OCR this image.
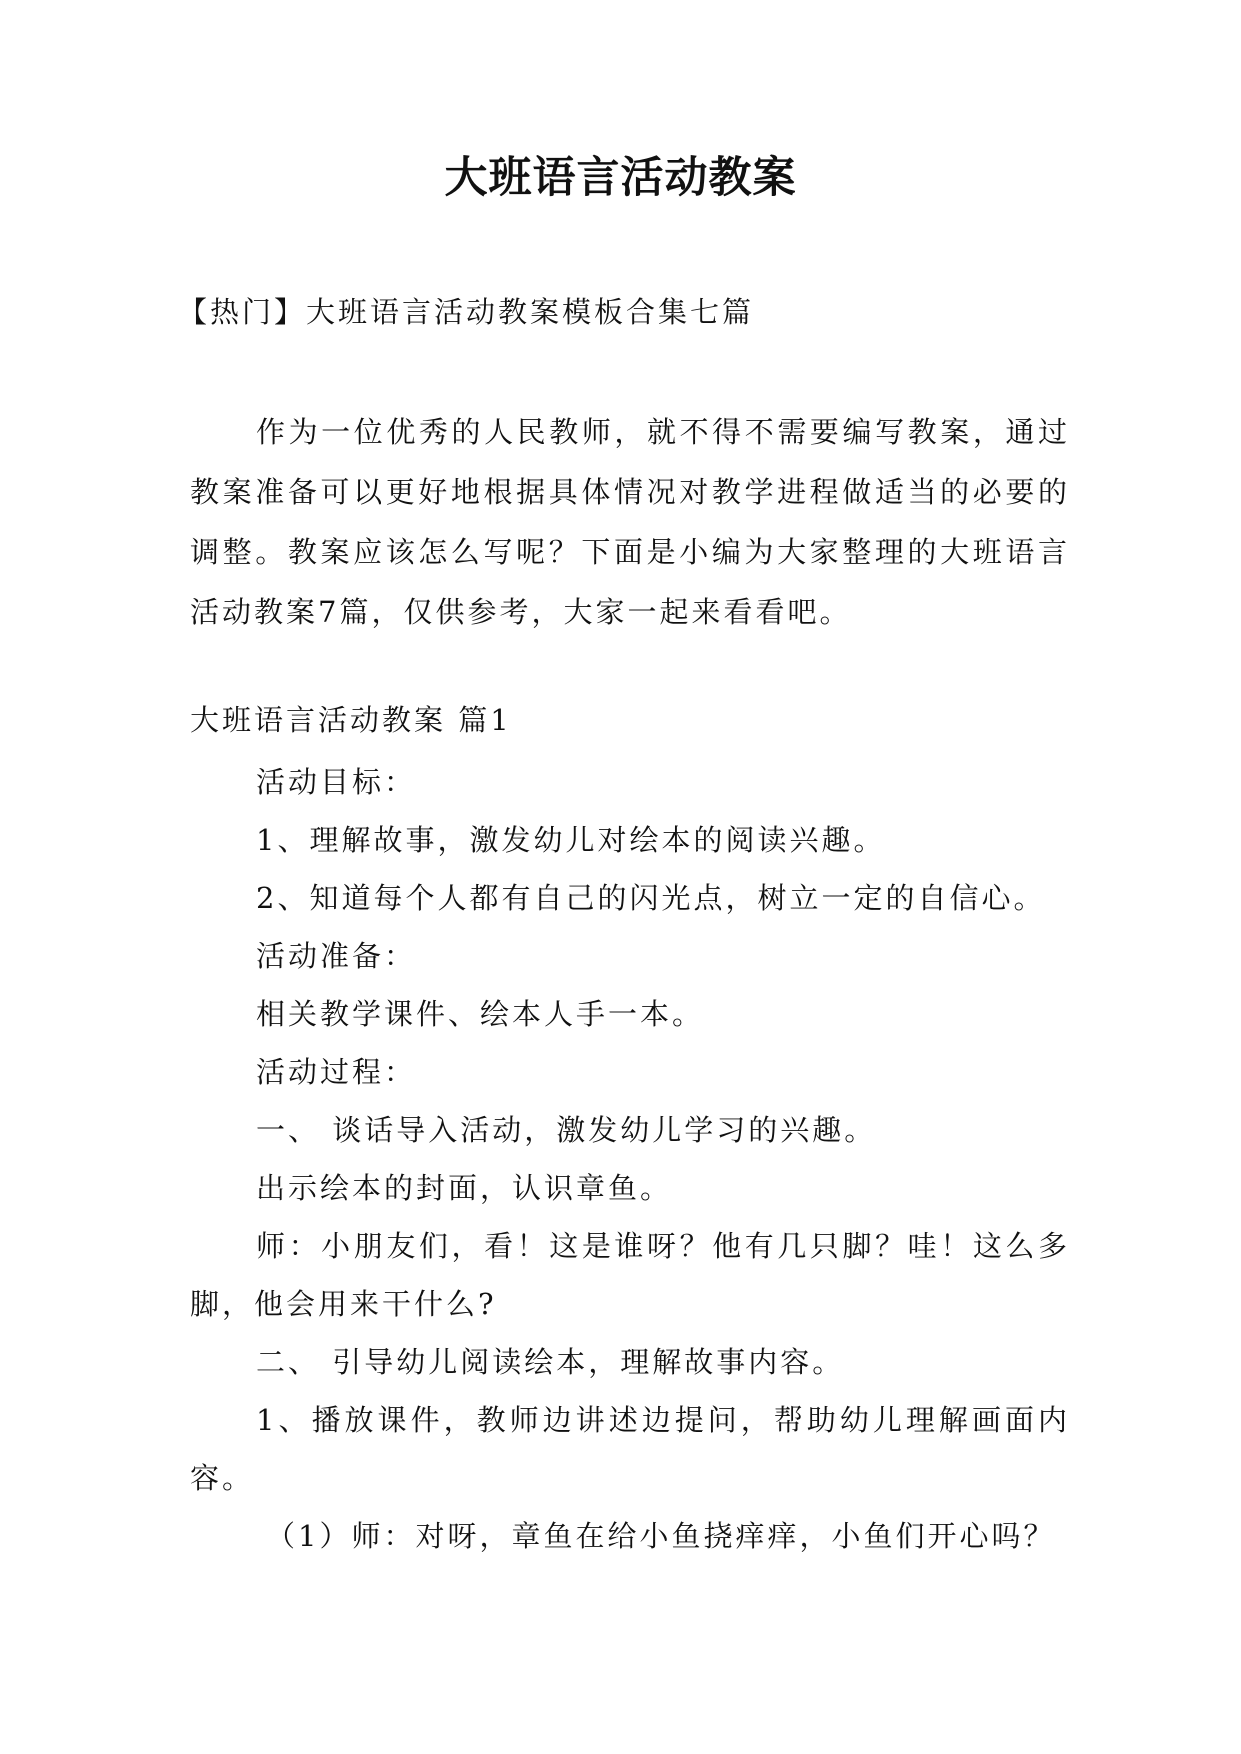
大班语言活动教案
【热门】大班语言活动教案模板合集七篇

作为一位优秀的人民教师，就不得不需要编写教案，通过教案准备可以更好地根据具体情况对教学进程做适当的必要的调整。教案应该怎么写呢？下面是小编为大家整理的大班语言活动教案7篇，仅供参考，大家一起来看看吧。

大班语言活动教案 篇1

活动目标：

1、理解故事，激发幼儿对绘本的阅读兴趣。

2、知道每个人都有自己的闪光点，树立一定的自信心。

活动准备：

相关教学课件、绘本人手一本。

活动过程：

一、 谈话导入活动，激发幼儿学习的兴趣。

出示绘本的封面，认识章鱼。

师：小朋友们，看！这是谁呀？他有几只脚？哇！这么多脚，他会用来干什么?

二、 引导幼儿阅读绘本，理解故事内容。

1、播放课件，教师边讲述边提问，帮助幼儿理解画面内容。

（1）师：对呀，章鱼在给小鱼挠痒痒，小鱼们开心吗？
